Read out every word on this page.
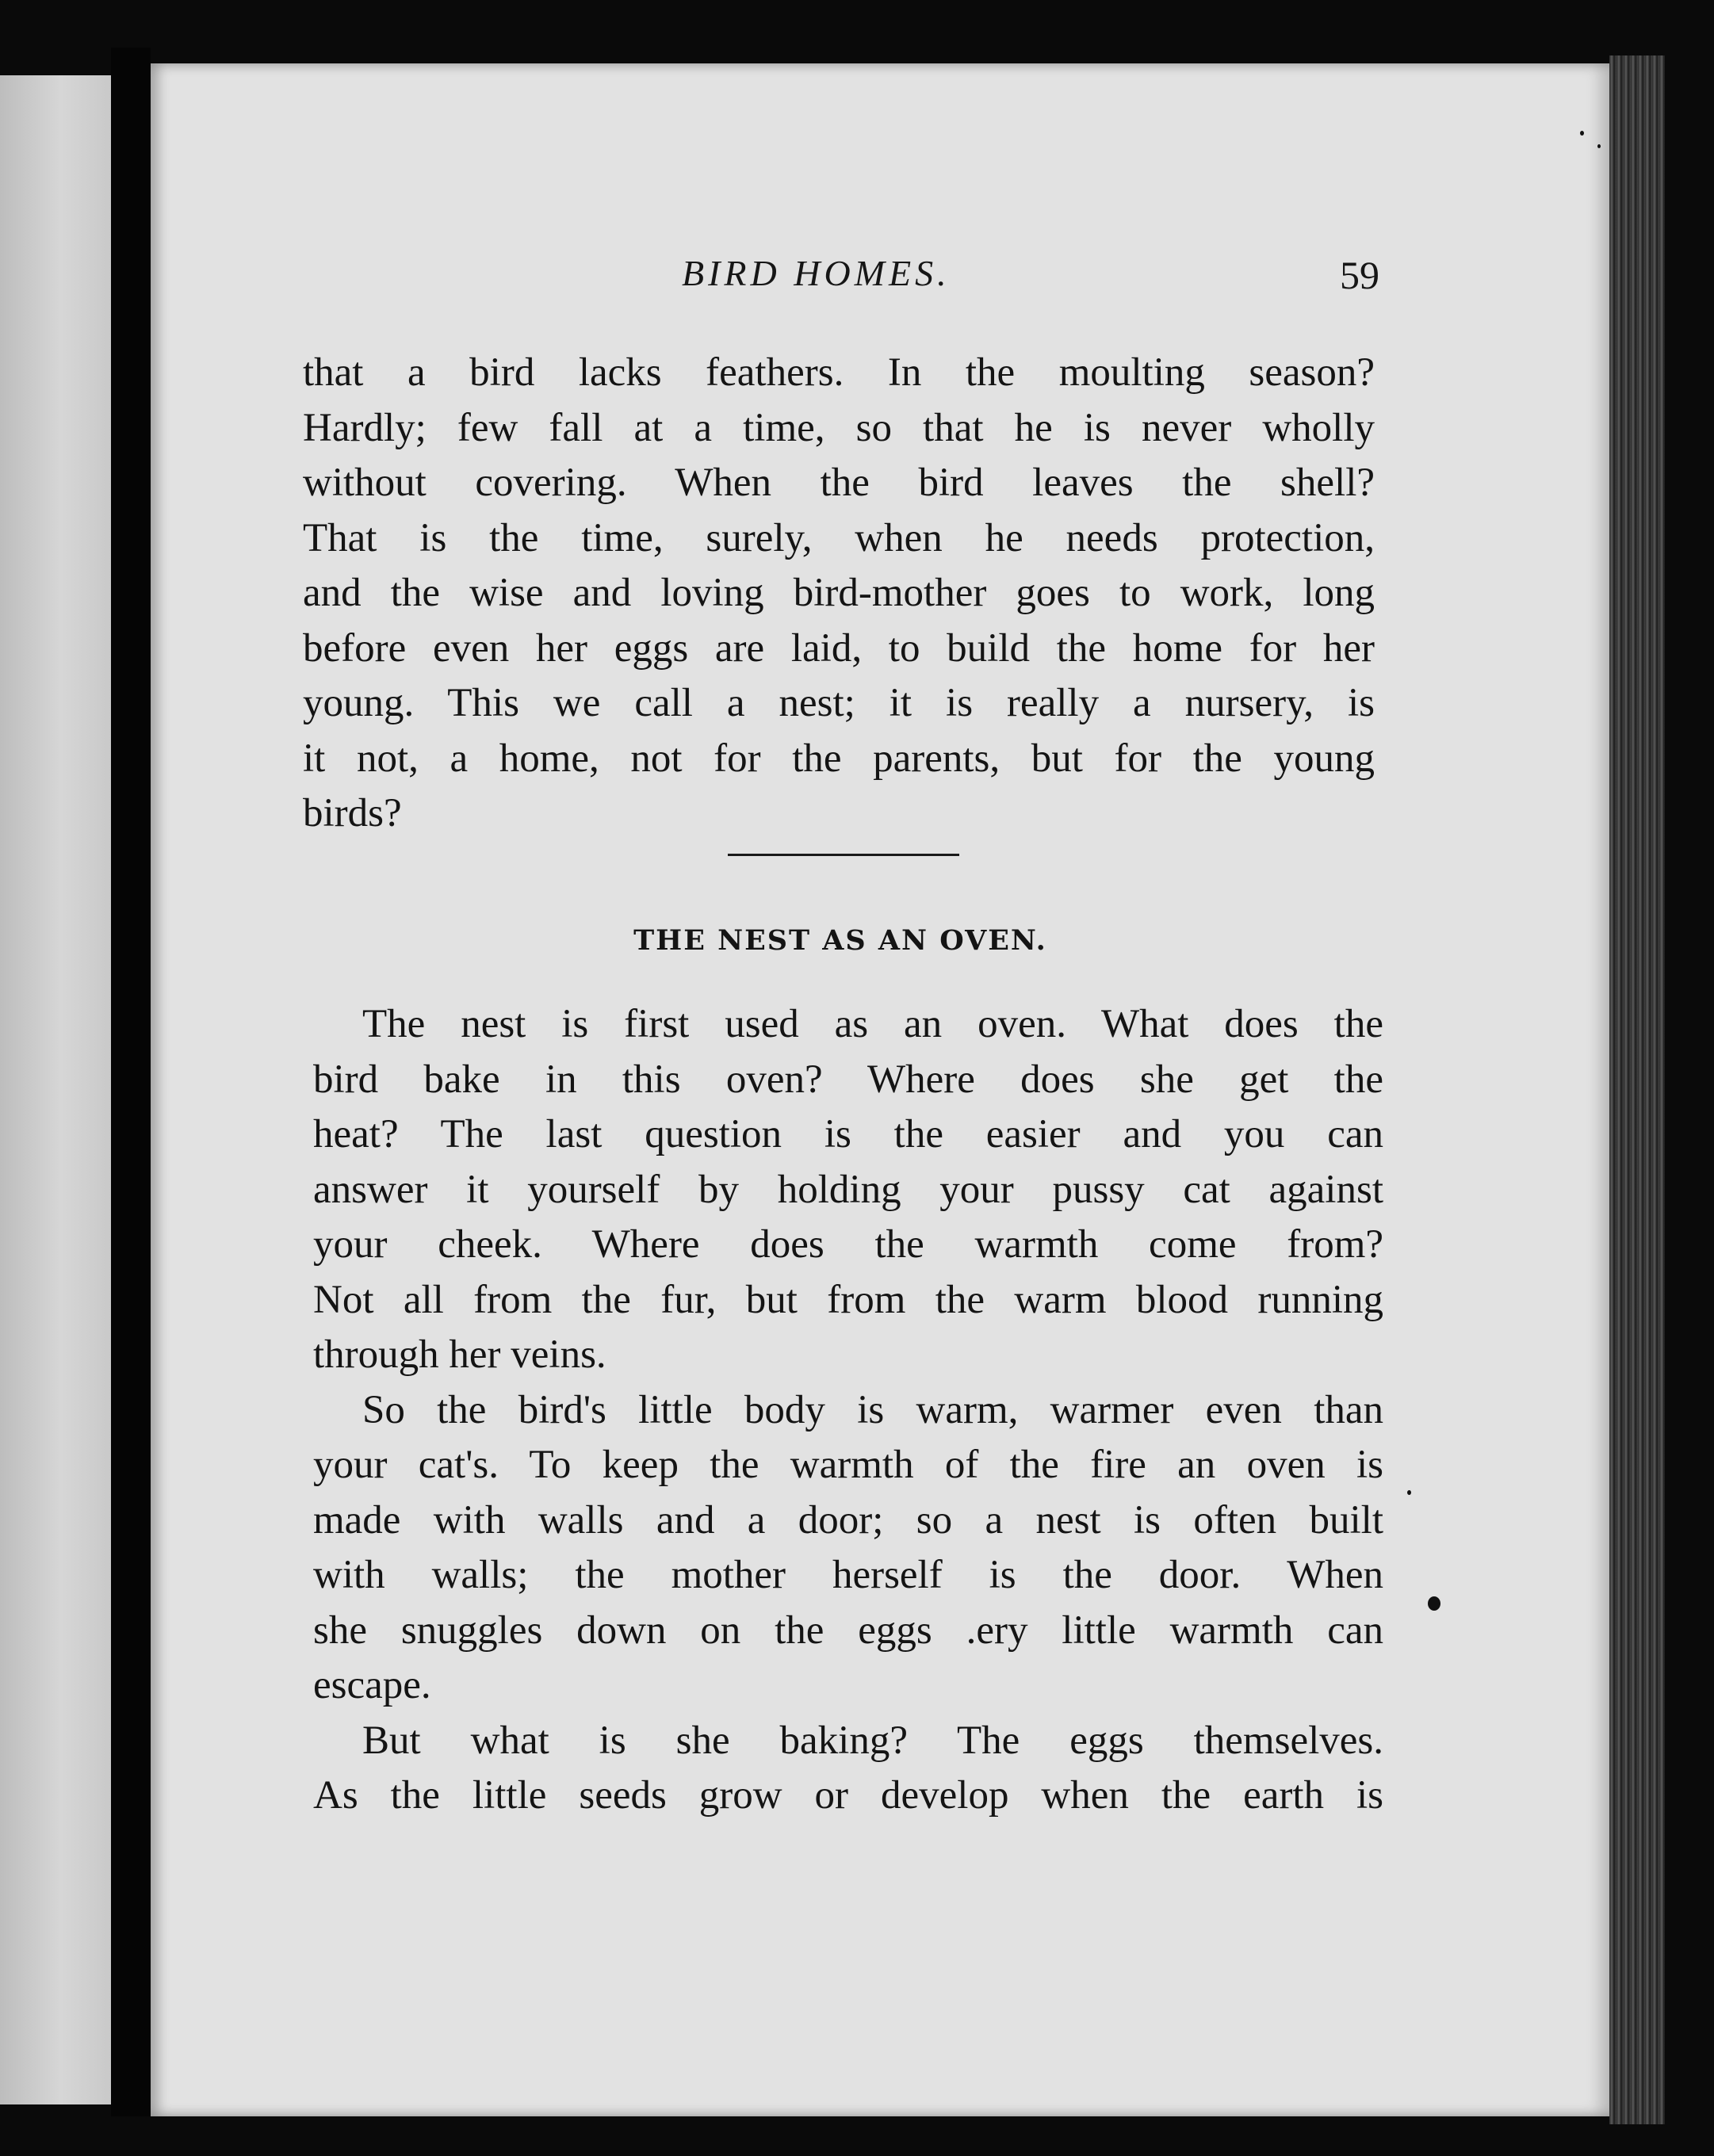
BIRD HOMES.	59
that a bird lacks feathers. In the moulting season?
Hardly; few fall at a time, so that he is never wholly
without covering. When the bird leaves the shell?
That is the time, surely, when he needs protection,
and the wise and loving bird-mother goes to work, long
before even her eggs are laid, to build the home for her
young. This we call a nest; it is really a nursery, is
it not, a home, not for the parents, but for the young
birds?
THE NEST AS AN OVEN.
The nest is first used as an oven. What does the
bird bake in this oven? Where does she get the
heat? The last question is the easier and you can
answer it yourself by holding your pussy cat against
your cheek. Where does the warmth come from?
Not all from the fur, but from the warm blood running
through her veins.
So the bird's little body is warm, warmer even than
your cat's. To keep the warmth of the fire an oven is
made with walls and a door; so a nest is often built
with walls; the mother herself is the door. When
she snuggles down on the eggs .ery little warmth can
escape.
But what is she baking? The eggs themselves.
As the little seeds grow or develop when the earth is
